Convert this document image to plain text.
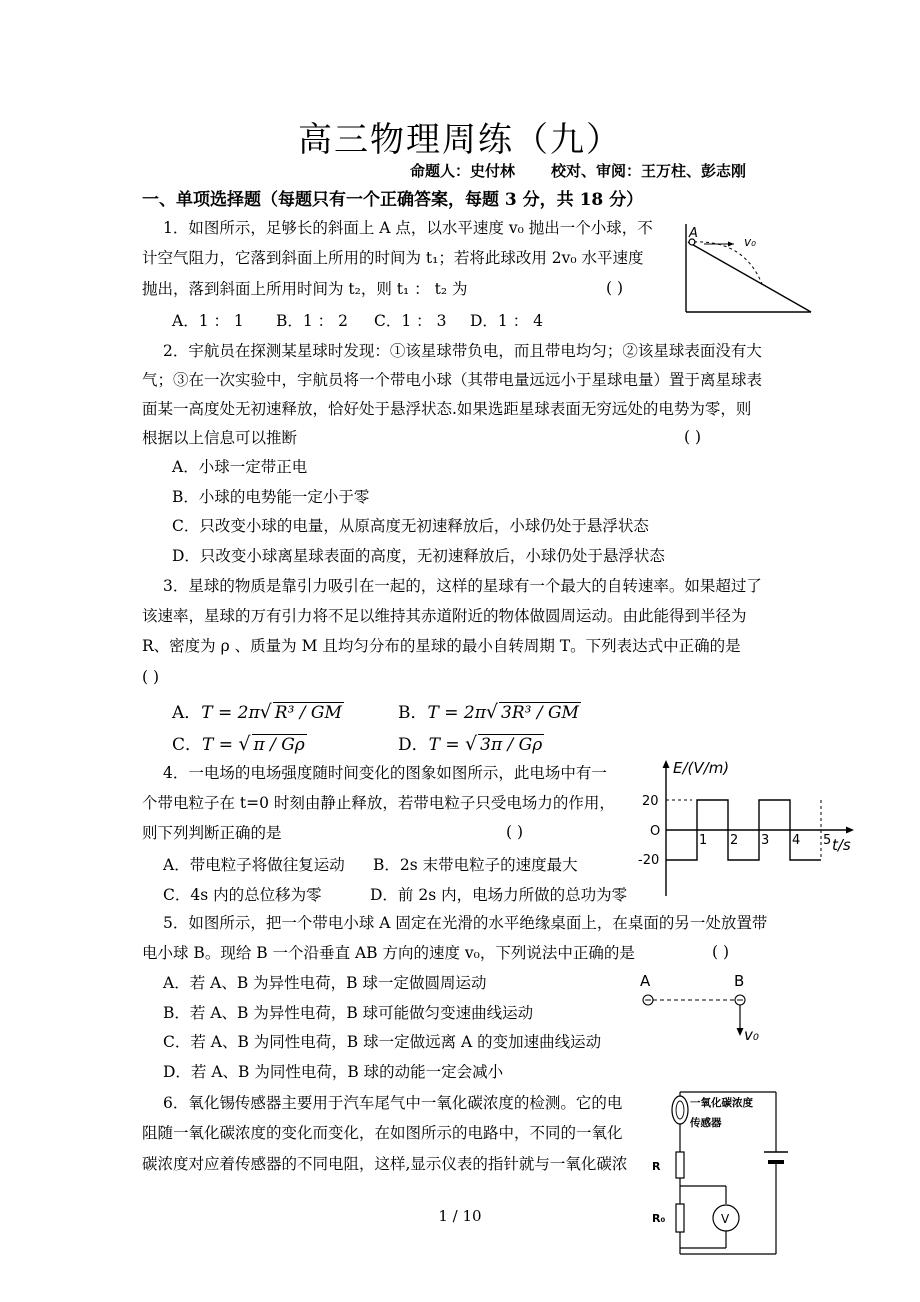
高三物理周练（九）
命题人：史付林 校对、审阅：王万柱、彭志刚
一、单项选择题（每题只有一个正确答案，每题 3 分，共 18 分）
1．如图所示，足够长的斜面上 A 点，以水平速度 v₀ 抛出一个小球，不
计空气阻力，它落到斜面上所用的时间为 t₁；若将此球改用 2v₀ 水平速度
抛出，落到斜面上所用时间为 t₂，则 t₁ ： t₂ 为	( )
A．1 ： 1 B．1 ： 2 C．1 ： 3 D．1 ： 4
A
v₀
2．宇航员在探测某星球时发现：①该星球带负电，而且带电均匀；②该星球表面没有大
气；③在一次实验中，宇航员将一个带电小球（其带电量远远小于星球电量）置于离星球表
面某一高度处无初速释放，恰好处于悬浮状态.如果选距星球表面无穷远处的电势为零，则
根据以上信息可以推断	( )
A．小球一定带正电
B．小球的电势能一定小于零
C．只改变小球的电量，从原高度无初速释放后，小球仍处于悬浮状态
D．只改变小球离星球表面的高度，无初速释放后，小球仍处于悬浮状态
3．星球的物质是靠引力吸引在一起的，这样的星球有一个最大的自转速率。如果超过了
该速率，星球的万有引力将不足以维持其赤道附近的物体做圆周运动。由此能得到半径为
R、密度为 ρ 、质量为 M 且均匀分布的星球的最小自转周期 T。下列表达式中正确的是
( )
A．T = 2π√ R³ / GM	B．T = 2π√ 3R³ / GM
C．T = √ π / Gρ	D．T = √ 3π / Gρ
4．一电场的电场强度随时间变化的图象如图所示，此电场中有一
个带电粒子在 t=0 时刻由静止释放，若带电粒子只受电场力的作用，
则下列判断正确的是	( )
A．带电粒子将做往复运动 B．2s 末带电粒子的速度最大
C．4s 内的总位移为零	D．前 2s 内，电场力所做的总功为零
E/(V/m)
t/s
20
O
-20
1 2 3 4 5
5．如图所示，把一个带电小球 A 固定在光滑的水平绝缘桌面上，在桌面的另一处放置带
电小球 B。现给 B 一个沿垂直 AB 方向的速度 v₀，下列说法中正确的是	( )
A．若 A、B 为异性电荷，B 球一定做圆周运动
B．若 A、B 为异性电荷，B 球可能做匀变速曲线运动
C．若 A、B 为同性电荷，B 球一定做远离 A 的变加速曲线运动
D．若 A、B 为同性电荷，B 球的动能一定会减小
A	B
v₀
6．氧化锡传感器主要用于汽车尾气中一氧化碳浓度的检测。它的电
阻随一氧化碳浓度的变化而变化，在如图所示的电路中，不同的一氧化
碳浓度对应着传感器的不同电阻，这样,显示仪表的指针就与一氧化碳浓
一氧化碳浓度
传感器
R
R₀	V
1 / 10
